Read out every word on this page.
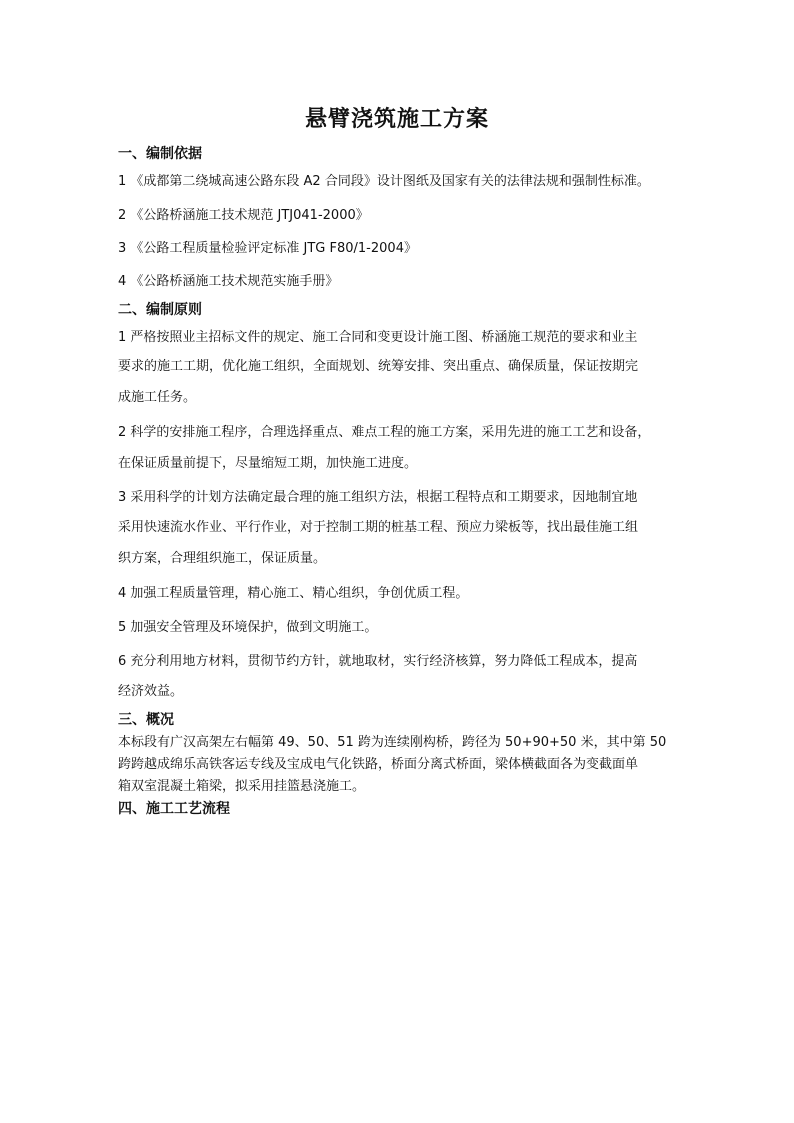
悬臂浇筑施工方案
一、编制依据
1 《成都第二绕城高速公路东段 A2 合同段》设计图纸及国家有关的法律法规和强制性标准。
2 《公路桥涵施工技术规范 JTJ041-2000》
3 《公路工程质量检验评定标准 JTG F80/1-2004》
4 《公路桥涵施工技术规范实施手册》
二、编制原则
1 严格按照业主招标文件的规定、施工合同和变更设计施工图、桥涵施工规范的要求和业主
要求的施工工期，优化施工组织，全面规划、统筹安排、突出重点、确保质量，保证按期完
成施工任务。
2 科学的安排施工程序，合理选择重点、难点工程的施工方案，采用先进的施工工艺和设备，
在保证质量前提下，尽量缩短工期，加快施工进度。
3 采用科学的计划方法确定最合理的施工组织方法，根据工程特点和工期要求，因地制宜地
采用快速流水作业、平行作业，对于控制工期的桩基工程、预应力梁板等，找出最佳施工组
织方案，合理组织施工，保证质量。
4 加强工程质量管理，精心施工、精心组织，争创优质工程。
5 加强安全管理及环境保护，做到文明施工。
6 充分利用地方材料，贯彻节约方针，就地取材，实行经济核算，努力降低工程成本，提高
经济效益。
三、概况
本标段有广汉高架左右幅第 49、50、51 跨为连续刚构桥，跨径为 50+90+50 米，其中第 50
跨跨越成绵乐高铁客运专线及宝成电气化铁路，桥面分离式桥面，梁体横截面各为变截面单
箱双室混凝土箱梁，拟采用挂篮悬浇施工。
四、施工工艺流程
